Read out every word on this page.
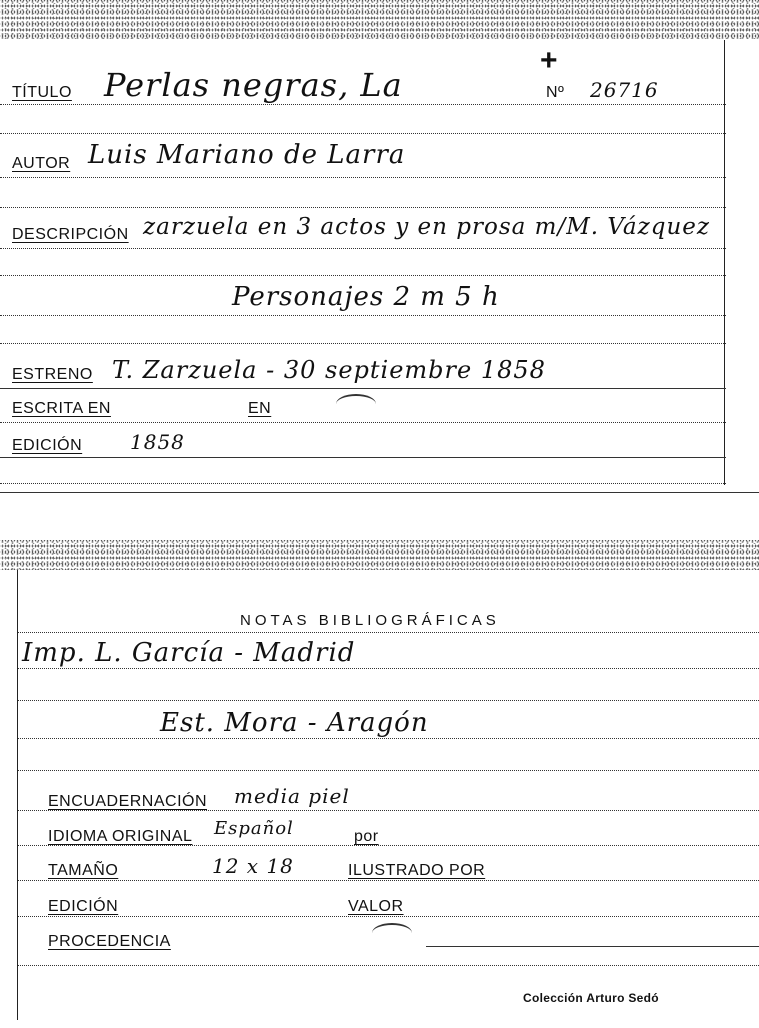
TÍTULO Perlas negras, La
+
Nº 26716
AUTOR Luis Mariano de Larra
DESCRIPCIÓN zarzuela en 3 actos y en prosa m/M. Vázquez
Personajes 2 m 5 h
ESTRENO T. Zarzuela - 30 septiembre 1858
ESCRITA EN	EN
EDICIÓN 1858
NOTAS BIBLIOGRÁFICAS
Imp. L. García - Madrid
Est. Mora - Aragón
ENCUADERNACIÓN media piel
IDIOMA ORIGINAL Español	por
TAMAÑO	12 x 18	ILUSTRADO POR
EDICIÓN	VALOR
PROCEDENCIA
Colección Arturo Sedó
